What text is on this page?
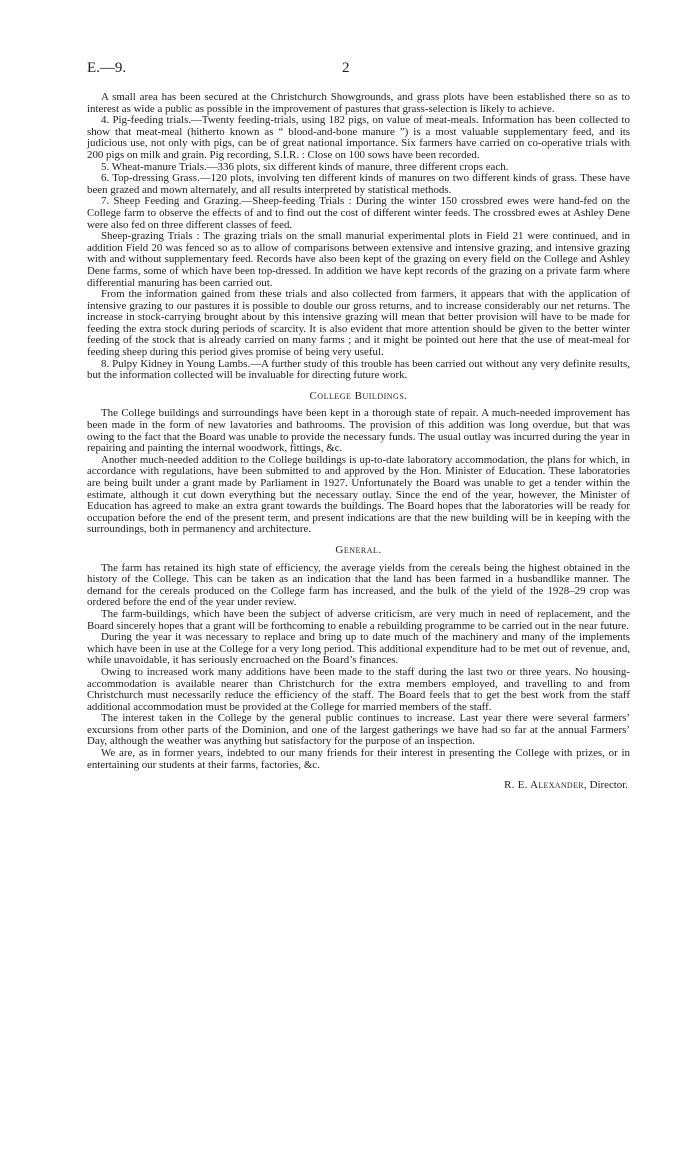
E.—9.	2

A small area has been secured at the Christchurch Showgrounds, and grass plots have been established there so as to interest as wide a public as possible in the improvement of pastures that grass-selection is likely to achieve.

4. Pig-feeding trials.—Twenty feeding-trials, using 182 pigs, on value of meat-meals. Information has been collected to show that meat-meal (hitherto known as “ blood-and-bone manure ”) is a most valuable supplementary feed, and its judicious use, not only with pigs, can be of great national importance. Six farmers have carried on co-operative trials with 200 pigs on milk and grain. Pig recording, S.I.R. : Close on 100 sows have been recorded.

5. Wheat-manure Trials.—336 plots, six different kinds of manure, three different crops each.

6. Top-dressing Grass.—120 plots, involving ten different kinds of manures on two different kinds of grass. These have been grazed and mown alternately, and all results interpreted by statistical methods.

7. Sheep Feeding and Grazing.—Sheep-feeding Trials : During the winter 150 crossbred ewes were hand-fed on the College farm to observe the effects of and to find out the cost of different winter feeds. The crossbred ewes at Ashley Dene were also fed on three different classes of feed.

Sheep-grazing Trials : The grazing trials on the small manurial experimental plots in Field 21 were continued, and in addition Field 20 was fenced so as to allow of comparisons between extensive and intensive grazing, and intensive grazing with and without supplementary feed. Records have also been kept of the grazing on every field on the College and Ashley Dene farms, some of which have been top-dressed. In addition we have kept records of the grazing on a private farm where differential manuring has been carried out.

From the information gained from these trials and also collected from farmers, it appears that with the application of intensive grazing to our pastures it is possible to double our gross returns, and to increase considerably our net returns. The increase in stock-carrying brought about by this intensive grazing will mean that better provision will have to be made for feeding the extra stock during periods of scarcity. It is also evident that more attention should be given to the better winter feeding of the stock that is already carried on many farms ; and it might be pointed out here that the use of meat-meal for feeding sheep during this period gives promise of being very useful.

8. Pulpy Kidney in Young Lambs.—A further study of this trouble has been carried out without any very definite results, but the information collected will be invaluable for directing future work.

College Buildings.

The College buildings and surroundings have been kept in a thorough state of repair. A much-needed improvement has been made in the form of new lavatories and bathrooms. The provision of this addition was long overdue, but that was owing to the fact that the Board was unable to provide the necessary funds. The usual outlay was incurred during the year in repairing and painting the internal woodwork, fittings, &c.

Another much-needed addition to the College buildings is up-to-date laboratory accommodation, the plans for which, in accordance with regulations, have been submitted to and approved by the Hon. Minister of Education. These laboratories are being built under a grant made by Parliament in 1927. Unfortunately the Board was unable to get a tender within the estimate, although it cut down everything but the necessary outlay. Since the end of the year, however, the Minister of Education has agreed to make an extra grant towards the buildings. The Board hopes that the laboratories will be ready for occupation before the end of the present term, and present indications are that the new building will be in keeping with the surroundings, both in permanency and architecture.

General.

The farm has retained its high state of efficiency, the average yields from the cereals being the highest obtained in the history of the College. This can be taken as an indication that the land has been farmed in a husbandlike manner. The demand for the cereals produced on the College farm has increased, and the bulk of the yield of the 1928–29 crop was ordered before the end of the year under review.

The farm-buildings, which have been the subject of adverse criticism, are very much in need of replacement, and the Board sincerely hopes that a grant will be forthcoming to enable a rebuilding programme to be carried out in the near future.

During the year it was necessary to replace and bring up to date much of the machinery and many of the implements which have been in use at the College for a very long period. This additional expenditure had to be met out of revenue, and, while unavoidable, it has seriously encroached on the Board’s finances.

Owing to increased work many additions have been made to the staff during the last two or three years. No housing-accommodation is available nearer than Christchurch for the extra members employed, and travelling to and from Christchurch must necessarily reduce the efficiency of the staff. The Board feels that to get the best work from the staff additional accommodation must be provided at the College for married members of the staff.

The interest taken in the College by the general public continues to increase. Last year there were several farmers’ excursions from other parts of the Dominion, and one of the largest gatherings we have had so far at the annual Farmers’ Day, although the weather was anything but satisfactory for the purpose of an inspection.

We are, as in former years, indebted to our many friends for their interest in presenting the College with prizes, or in entertaining our students at their farms, factories, &c.

R. E. Alexander, Director.
